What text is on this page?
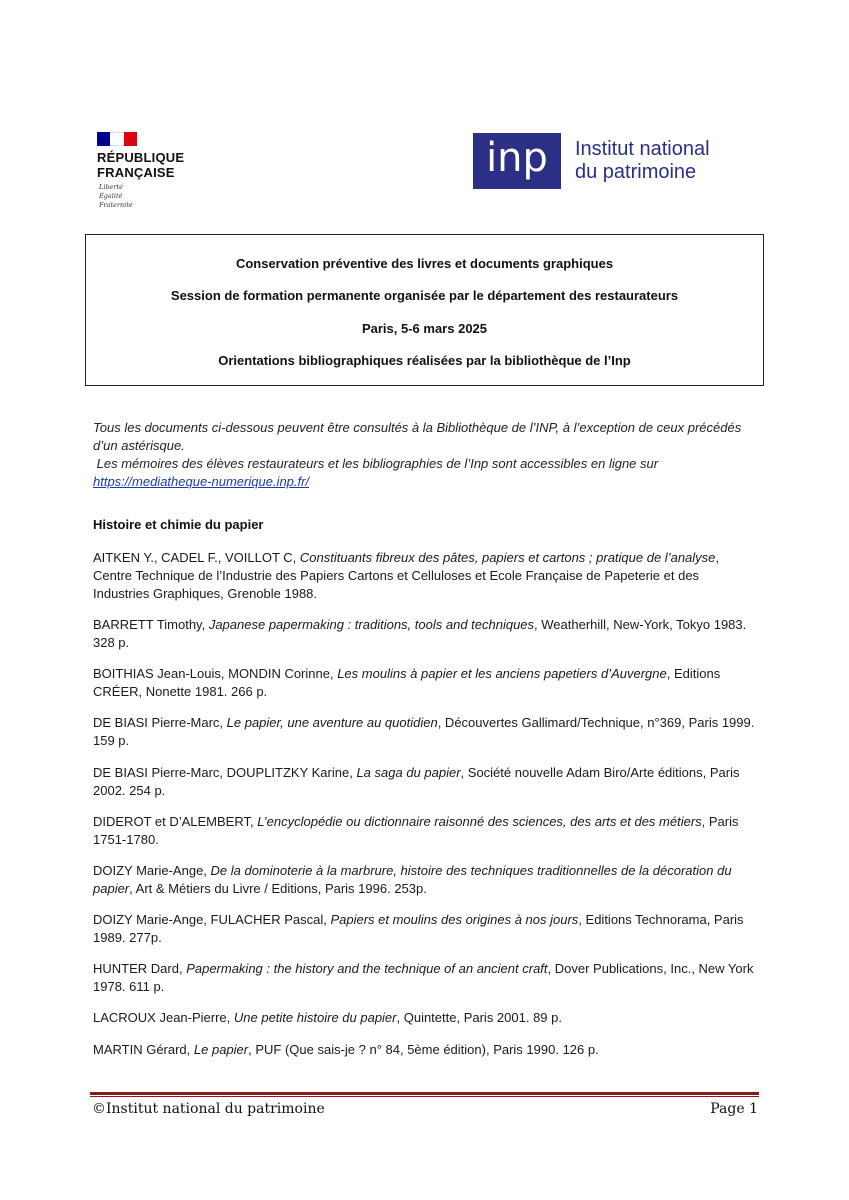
RÉPUBLIQUE
FRANÇAISE
Liberté
Égalité
Fraternité
inp	Institut national
du patrimoine
Conservation préventive des livres et documents graphiques
Session de formation permanente organisée par le département des restaurateurs
Paris, 5-6 mars 2025
Orientations bibliographiques réalisées par la bibliothèque de l’Inp

Tous les documents ci-dessous peuvent être consultés à la Bibliothèque de l’INP, à l’exception de ceux précédés d’un astérisque.

Les mémoires des élèves restaurateurs et les bibliographies de l’Inp sont accessibles en ligne sur

https://mediatheque-numerique.inp.fr/

Histoire et chimie du papier
AITKEN Y., CADEL F., VOILLOT C, Constituants fibreux des pâtes, papiers et cartons ; pratique de l’analyse, Centre Technique de l’Industrie des Papiers Cartons et Celluloses et Ecole Française de Papeterie et des Industries Graphiques, Grenoble 1988.
BARRETT Timothy, Japanese papermaking : traditions, tools and techniques, Weatherhill, New-York, Tokyo 1983. 328 p.
BOITHIAS Jean-Louis, MONDIN Corinne, Les moulins à papier et les anciens papetiers d’Auvergne, Editions CRÉER, Nonette 1981. 266 p.
DE BIASI Pierre-Marc, Le papier, une aventure au quotidien, Découvertes Gallimard/Technique, n°369, Paris 1999. 159 p.
DE BIASI Pierre-Marc, DOUPLITZKY Karine, La saga du papier, Société nouvelle Adam Biro/Arte éditions, Paris 2002. 254 p.
DIDEROT et D’ALEMBERT, L’encyclopédie ou dictionnaire raisonné des sciences, des arts et des métiers, Paris 1751-1780.
DOIZY Marie-Ange, De la dominoterie à la marbrure, histoire des techniques traditionnelles de la décoration du papier, Art & Métiers du Livre / Editions, Paris 1996. 253p.
DOIZY Marie-Ange, FULACHER Pascal, Papiers et moulins des origines à nos jours, Editions Technorama, Paris 1989. 277p.
HUNTER Dard, Papermaking : the history and the technique of an ancient craft, Dover Publications, Inc., New York 1978. 611 p.
LACROUX Jean-Pierre, Une petite histoire du papier, Quintette, Paris 2001. 89 p.
MARTIN Gérard, Le papier, PUF (Que sais-je ? n° 84, 5ème édition), Paris 1990. 126 p.
©Institut national du patrimoine	Page 1
